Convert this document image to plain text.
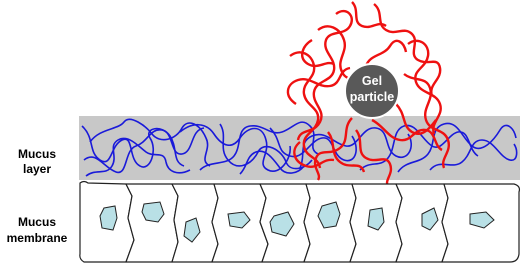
Gel
particle
Mucus
layer
Mucus
membrane
